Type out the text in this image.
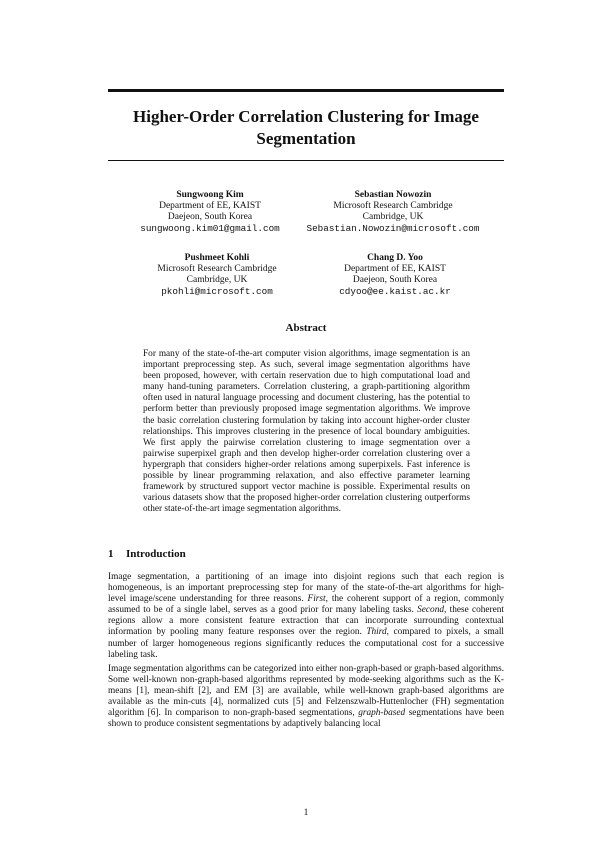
Higher-Order Correlation Clustering for Image Segmentation
Sungwoong Kim
Department of EE, KAIST
Daejeon, South Korea
sungwoong.kim01@gmail.com
Sebastian Nowozin
Microsoft Research Cambridge
Cambridge, UK
Sebastian.Nowozin@microsoft.com
Pushmeet Kohli
Microsoft Research Cambridge
Cambridge, UK
pkohli@microsoft.com
Chang D. Yoo
Department of EE, KAIST
Daejeon, South Korea
cdyoo@ee.kaist.ac.kr
Abstract
For many of the state-of-the-art computer vision algorithms, image segmentation is an important preprocessing step. As such, several image segmentation algorithms have been proposed, however, with certain reservation due to high computational load and many hand-tuning parameters. Correlation clustering, a graph-partitioning algorithm often used in natural language processing and document clustering, has the potential to perform better than previously proposed image segmentation algorithms. We improve the basic correlation clustering formulation by taking into account higher-order cluster relationships. This improves clustering in the presence of local boundary ambiguities. We first apply the pairwise correlation clustering to image segmentation over a pairwise superpixel graph and then develop higher-order correlation clustering over a hypergraph that considers higher-order relations among superpixels. Fast inference is possible by linear programming relaxation, and also effective parameter learning framework by structured support vector machine is possible. Experimental results on various datasets show that the proposed higher-order correlation clustering outperforms other state-of-the-art image segmentation algorithms.
1 Introduction

Image segmentation, a partitioning of an image into disjoint regions such that each region is homogeneous, is an important preprocessing step for many of the state-of-the-art algorithms for high-level image/scene understanding for three reasons. First, the coherent support of a region, commonly assumed to be of a single label, serves as a good prior for many labeling tasks. Second, these coherent regions allow a more consistent feature extraction that can incorporate surrounding contextual information by pooling many feature responses over the region. Third, compared to pixels, a small number of larger homogeneous regions significantly reduces the computational cost for a successive labeling task.

Image segmentation algorithms can be categorized into either non-graph-based or graph-based algorithms. Some well-known non-graph-based algorithms represented by mode-seeking algorithms such as the K-means [1], mean-shift [2], and EM [3] are available, while well-known graph-based algorithms are available as the min-cuts [4], normalized cuts [5] and Felzenszwalb-Huttenlocher (FH) segmentation algorithm [6]. In comparison to non-graph-based segmentations, graph-based segmentations have been shown to produce consistent segmentations by adaptively balancing local

1
